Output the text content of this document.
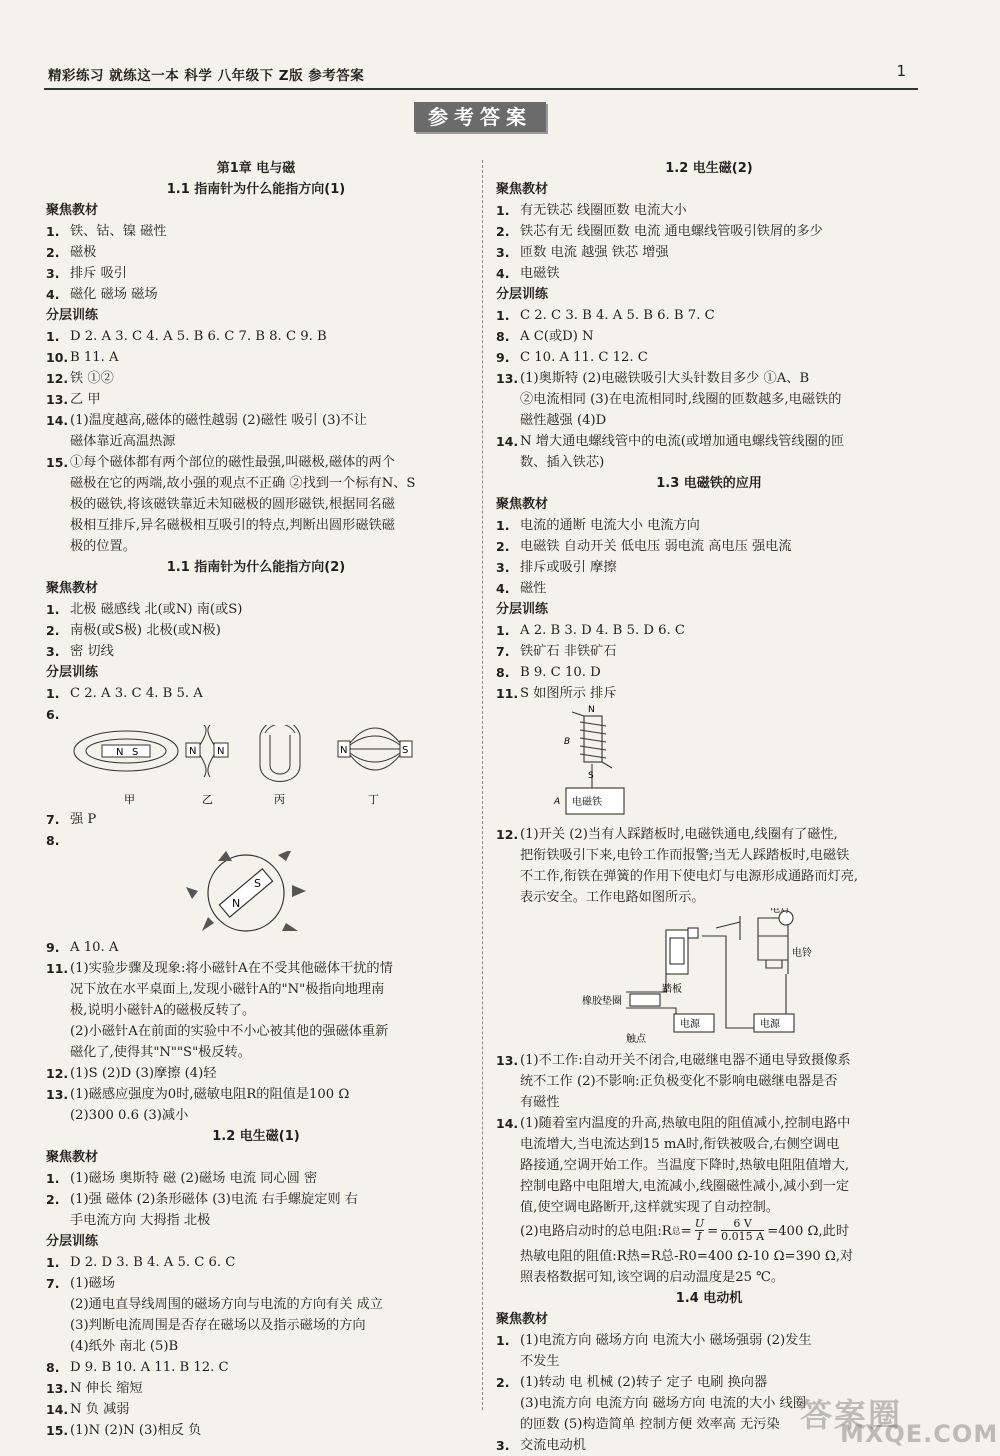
精彩练习 就练这一本 科学 八年级下 Z版 参考答案	1
参考答案
第1章 电与磁
1.1 指南针为什么能指方向(1)
聚焦教材
1. 铁、钴、镍 磁性
2. 磁极
3. 排斥 吸引
4. 磁化 磁场 磁场
分层训练
1. D 2. A 3. C 4. A 5. B 6. C 7. B 8. C 9. B
10. B 11. A
12. 铁 ①②
13. 乙 甲
14. (1)温度越高,磁体的磁性越弱 (2)磁性 吸引 (3)不让
磁体靠近高温热源
15. ①每个磁体都有两个部位的磁性最强,叫磁极,磁体的两个
磁极在它的两端,故小强的观点不正确 ②找到一个标有N、S
极的磁铁,将该磁铁靠近未知磁极的圆形磁铁,根据同名磁
极相互排斥,异名磁极相互吸引的特点,判断出圆形磁铁磁
极的位置。
1.1 指南针为什么能指方向(2)
聚焦教材
1. 北极 磁感线 北(或N) 南(或S)
2. 南极(或S极) 北极(或N极)
3. 密 切线
分层训练
1. C 2. A 3. C 4. B 5. A
6.
N S	N N	N	S
甲	乙	丙	丁
7. 强 P
8.
N
S
9. A 10. A
11. (1)实验步骤及现象:将小磁针A在不受其他磁体干扰的情
况下放在水平桌面上,发现小磁针A的"N"极指向地理南
极,说明小磁针A的磁极反转了。
(2)小磁针A在前面的实验中不小心被其他的强磁体重新
磁化了,使得其"N""S"极反转。
12. (1)S (2)D (3)摩擦 (4)轻
13. (1)磁感应强度为0时,磁敏电阻R的阻值是100 Ω
(2)300 0.6 (3)减小
1.2 电生磁(1)
聚焦教材
1. (1)磁场 奥斯特 磁 (2)磁场 电流 同心圆 密
2. (1)强 磁体 (2)条形磁体 (3)电流 右手螺旋定则 右
手电流方向 大拇指 北极
分层训练
1. D 2. D 3. B 4. A 5. C 6. C
7. (1)磁场
(2)通电直导线周围的磁场方向与电流的方向有关 成立
(3)判断电流周围是否存在磁场以及指示磁场的方向
(4)纸外 南北 (5)B
8. D 9. B 10. A 11. B 12. C
13. N 伸长 缩短
14. N 负 减弱
15. (1)N (2)N (3)相反 负
1.2 电生磁(2)
聚焦教材
1. 有无铁芯 线圈匝数 电流大小
2. 铁芯有无 线圈匝数 电流 通电螺线管吸引铁屑的多少
3. 匝数 电流 越强 铁芯 增强
4. 电磁铁
分层训练
1. C 2. C 3. B 4. A 5. B 6. B 7. C
8. A C(或D) N
9. C 10. A 11. C 12. C
13. (1)奥斯特 (2)电磁铁吸引大头针数目多少 ①A、B
②电流相同 (3)在电流相同时,线圈的匝数越多,电磁铁的
磁性越强 (4)D
14. N 增大通电螺线管中的电流(或增加通电螺线管线圈的匝
数、插入铁芯)
1.3 电磁铁的应用
聚焦教材
1. 电流的通断 电流大小 电流方向
2. 电磁铁 自动开关 低电压 弱电流 高电压 强电流
3. 排斥或吸引 摩擦
4. 磁性
分层训练
1. A 2. B 3. D 4. B 5. D 6. C
7. 铁矿石 非铁矿石
8. B 9. C 10. D
11. S 如图所示 排斥
N
S
B
A 电磁铁
12. (1)开关 (2)当有人踩踏板时,电磁铁通电,线圈有了磁性,
把衔铁吸引下来,电铃工作而报警;当无人踩踏板时,电磁铁
不工作,衔铁在弹簧的作用下使电灯与电源形成通路而灯亮,
表示安全。工作电路如图所示。
电灯
电铃
橡胶垫圈
踏板
触点
电源	电源
13. (1)不工作:自动开关不闭合,电磁继电器不通电导致摄像系
统不工作 (2)不影响:正负极变化不影响电磁继电器是否
有磁性
14. (1)随着室内温度的升高,热敏电阻的阻值减小,控制电路中
电流增大,当电流达到15 mA时,衔铁被吸合,右侧空调电
路接通,空调开始工作。当温度下降时,热敏电阻阻值增大,
控制电路中电阻增大,电流减小,线圈磁性减小,减小到一定
值,使空调电路断开,这样就实现了自动控制。
(2)电路启动时的总电阻:R 总 = $\frac{U}{I} = \frac{6 V}{0.015 A} =400$ Ω,此时
热敏电阻的阻值:R热=R总-R0=400 Ω-10 Ω=390 Ω,对
照表格数据可知,该空调的启动温度是25 ℃。
1.4 电动机
聚焦教材
1. (1)电流方向 磁场方向 电流大小 磁场强弱 (2)发生
不发生
2. (1)转动 电 机械 (2)转子 定子 电刷 换向器
(3)电流方向 电流方向 磁场方向 电流的大小 线圈
的匝数 (5)构造简单 控制方便 效率高 无污染
3. 交流电动机
答案圈
MXQE.COM
